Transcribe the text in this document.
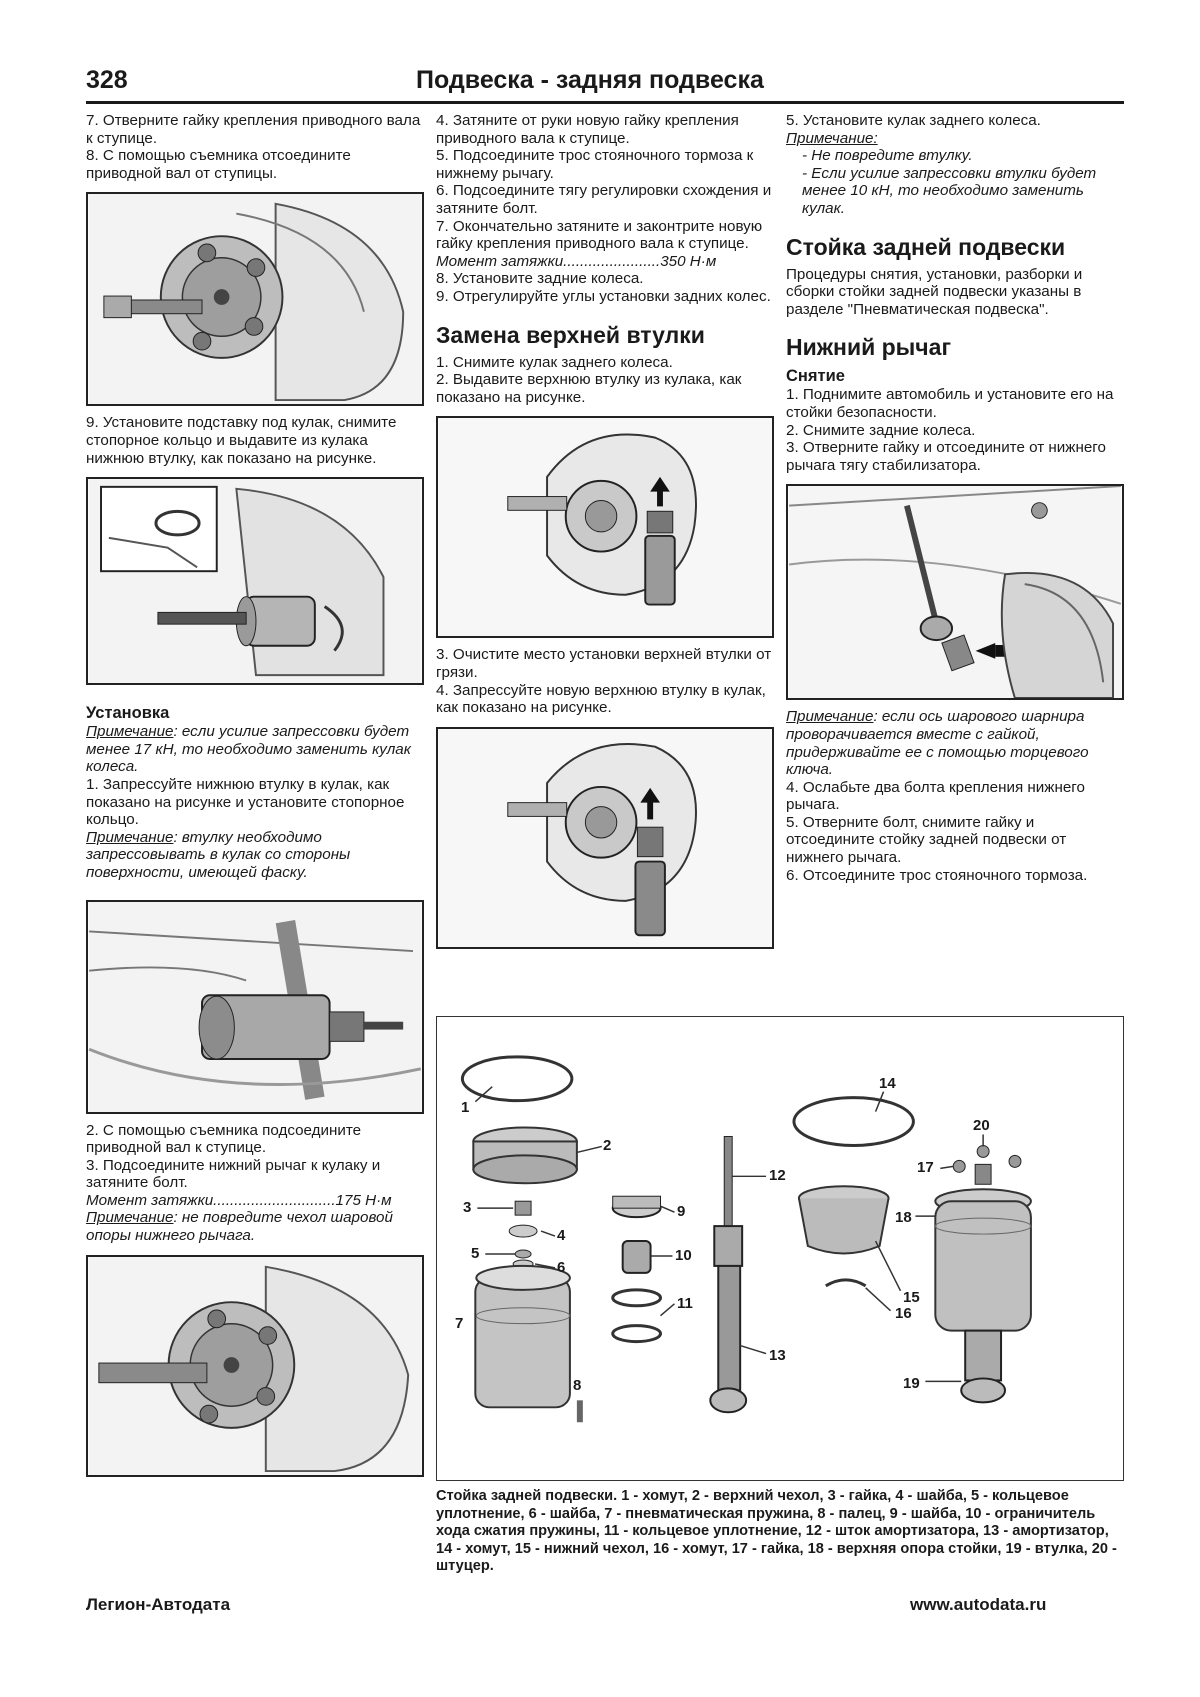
328	Подвеска - задняя подвеска
7. Отверните гайку крепления приводного вала к ступице.
8. С помощью съемника отсоедините приводной вал от ступицы.
9. Установите подставку под кулак, снимите стопорное кольцо и выдавите из кулака нижнюю втулку, как показано на рисунке.
Установка
Примечание: если усилие запрессовки будет менее 17 кН, то необходимо заменить кулак колеса.
1. Запрессуйте нижнюю втулку в кулак, как показано на рисунке и установите стопорное кольцо.
Примечание: втулку необходимо запрессовывать в кулак со стороны поверхности, имеющей фаску.
2. С помощью съемника подсоедините приводной вал к ступице.
3. Подсоедините нижний рычаг к кулаку и затяните болт.
Момент затяжки.............................175 Н·м
Примечание: не повредите чехол шаровой опоры нижнего рычага.
4. Затяните от руки новую гайку крепления приводного вала к ступице.
5. Подсоедините трос стояночного тормоза к нижнему рычагу.
6. Подсоедините тягу регулировки схождения и затяните болт.
7. Окончательно затяните и законтрите новую гайку крепления приводного вала к ступице.
Момент затяжки.......................350 Н·м
8. Установите задние колеса.
9. Отрегулируйте углы установки задних колес.
Замена верхней втулки
1. Снимите кулак заднего колеса.
2. Выдавите верхнюю втулку из кулака, как показано на рисунке.
3. Очистите место установки верхней втулки от грязи.
4. Запрессуйте новую верхнюю втулку в кулак, как показано на рисунке.
5. Установите кулак заднего колеса.
Примечание:
- Не повредите втулку.
- Если усилие запрессовки втулки будет менее 10 кН, то необходимо заменить кулак.
Стойка задней подвески
Процедуры снятия, установки, разборки и сборки стойки задней подвески указаны в разделе "Пневматическая подвеска".
Нижний рычаг
Снятие
1. Поднимите автомобиль и установите его на стойки безопасности.
2. Снимите задние колеса.
3. Отверните гайку и отсоедините от нижнего рычага тягу стабилизатора.
Примечание: если ось шарового шарнира проворачивается вместе с гайкой, придерживайте ее с помощью торцевого ключа.
4. Ослабьте два болта крепления нижнего рычага.
5. Отверните болт, снимите гайку и отсоедините стойку задней подвески от нижнего рычага.
6. Отсоедините трос стояночного тормоза.
1
2
3
4
5
6
7
8
9
10
11
12
13
14
15
16
17
18
19
20
Стойка задней подвески. 1 - хомут, 2 - верхний чехол, 3 - гайка, 4 - шайба, 5 - кольцевое уплотнение, 6 - шайба, 7 - пневматическая пружина, 8 - палец, 9 - шайба, 10 - ограничитель хода сжатия пружины, 11 - кольцевое уплотнение, 12 - шток амортизатора, 13 - амортизатор, 14 - хомут, 15 - нижний чехол, 16 - хомут, 17 - гайка, 18 - верхняя опора стойки, 19 - втулка, 20 - штуцер.
Легион-Автодата	www.autodata.ru
